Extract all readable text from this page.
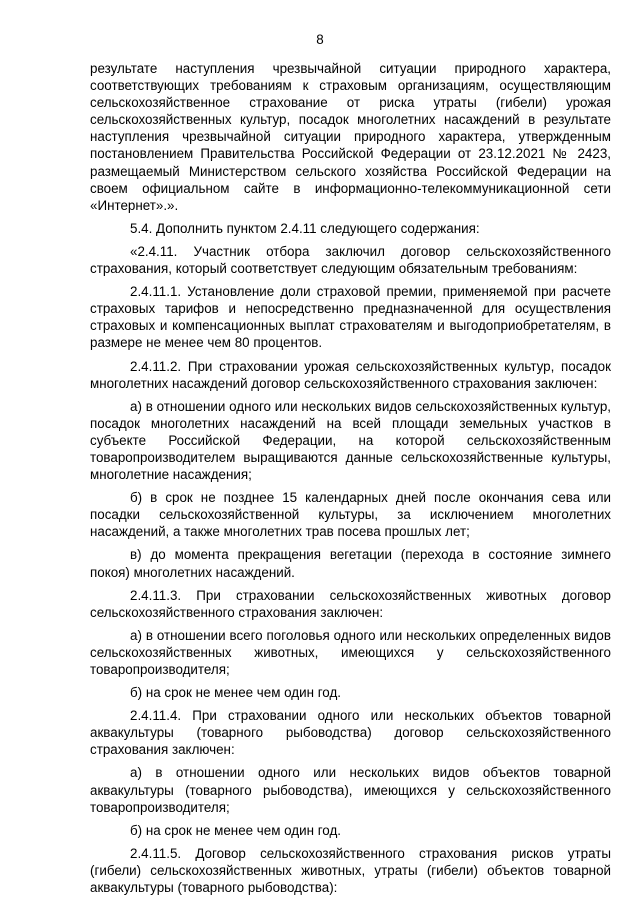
8

результате наступления чрезвычайной ситуации природного характера, соответствующих требованиям к страховым организациям, осуществляющим сельскохозяйственное страхование от риска утраты (гибели) урожая сельскохозяйственных культур, посадок многолетних насаждений в результате наступления чрезвычайной ситуации природного характера, утвержденным постановлением Правительства Российской Федерации от 23.12.2021 № 2423, размещаемый Министерством сельского хозяйства Российской Федерации на своем официальном сайте в информационно-телекоммуникационной сети «Интернет».».

5.4. Дополнить пунктом 2.4.11 следующего содержания:

«2.4.11. Участник отбора заключил договор сельскохозяйственного страхования, который соответствует следующим обязательным требованиям:

2.4.11.1. Установление доли страховой премии, применяемой при расчете страховых тарифов и непосредственно предназначенной для осуществления страховых и компенсационных выплат страхователям и выгодоприобретателям, в размере не менее чем 80 процентов.

2.4.11.2. При страховании урожая сельскохозяйственных культур, посадок многолетних насаждений договор сельскохозяйственного страхования заключен:

а) в отношении одного или нескольких видов сельскохозяйственных культур, посадок многолетних насаждений на всей площади земельных участков в субъекте Российской Федерации, на которой сельскохозяйственным товаропроизводителем выращиваются данные сельскохозяйственные культуры, многолетние насаждения;

б) в срок не позднее 15 календарных дней после окончания сева или посадки сельскохозяйственной культуры, за исключением многолетних насаждений, а также многолетних трав посева прошлых лет;

в) до момента прекращения вегетации (перехода в состояние зимнего покоя) многолетних насаждений.

2.4.11.3. При страховании сельскохозяйственных животных договор сельскохозяйственного страхования заключен:

а) в отношении всего поголовья одного или нескольких определенных видов сельскохозяйственных животных, имеющихся у сельскохозяйственного товаропроизводителя;

б) на срок не менее чем один год.

2.4.11.4. При страховании одного или нескольких объектов товарной аквакультуры (товарного рыбоводства) договор сельскохозяйственного страхования заключен:

а) в отношении одного или нескольких видов объектов товарной аквакультуры (товарного рыбоводства), имеющихся у сельскохозяйственного товаропроизводителя;

б) на срок не менее чем один год.

2.4.11.5. Договор сельскохозяйственного страхования рисков утраты (гибели) сельскохозяйственных животных, утраты (гибели) объектов товарной аквакультуры (товарного рыбоводства):
